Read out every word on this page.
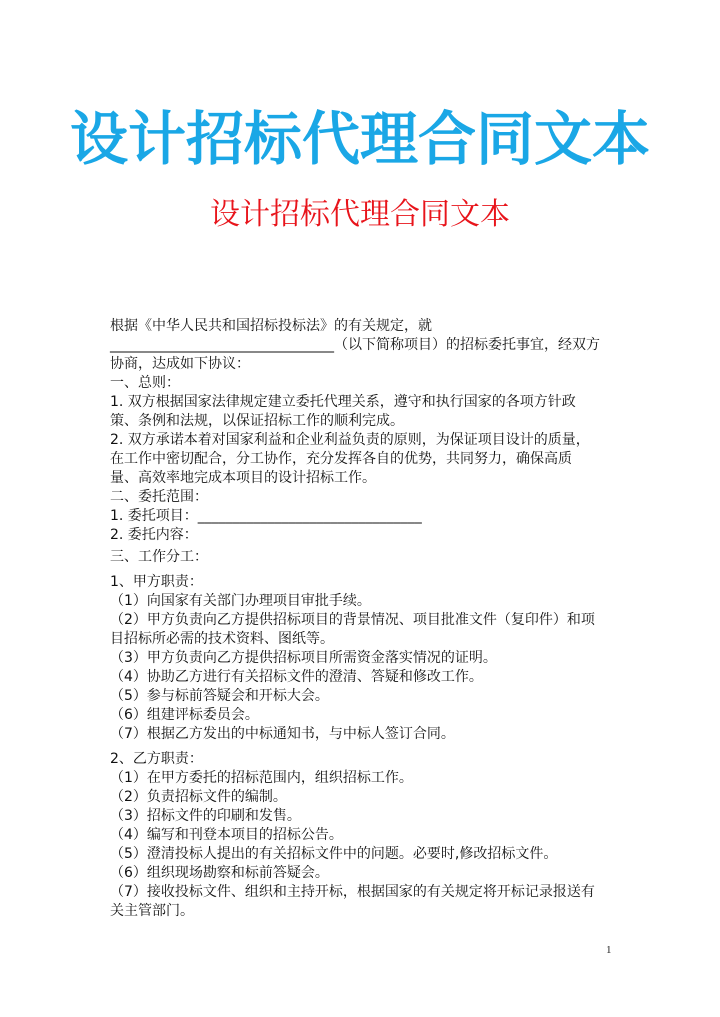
设计招标代理合同文本
设计招标代理合同文本
根据《中华人民共和国招标投标法》的有关规定，就
________________________________（以下简称项目）的招标委托事宜，经双方
协商，达成如下协议：
一、总则：
1. 双方根据国家法律规定建立委托代理关系，遵守和执行国家的各项方针政
策、条例和法规，以保证招标工作的顺利完成。
2. 双方承诺本着对国家利益和企业利益负责的原则，为保证项目设计的质量，
在工作中密切配合，分工协作，充分发挥各自的优势，共同努力，确保高质
量、高效率地完成本项目的设计招标工作。
二、委托范围：
1. 委托项目：________________________________
2. 委托内容：
三、工作分工：
1、甲方职责：
（1）向国家有关部门办理项目审批手续。
（2）甲方负责向乙方提供招标项目的背景情况、项目批准文件（复印件）和项
目招标所必需的技术资料、图纸等。
（3）甲方负责向乙方提供招标项目所需资金落实情况的证明。
（4）协助乙方进行有关招标文件的澄清、答疑和修改工作。
（5）参与标前答疑会和开标大会。
（6）组建评标委员会。
（7）根据乙方发出的中标通知书，与中标人签订合同。
2、乙方职责：
（1）在甲方委托的招标范围内，组织招标工作。
（2）负责招标文件的编制。
（3）招标文件的印刷和发售。
（4）编写和刊登本项目的招标公告。
（5）澄清投标人提出的有关招标文件中的问题。必要时,修改招标文件。
（6）组织现场勘察和标前答疑会。
（7）接收投标文件、组织和主持开标，根据国家的有关规定将开标记录报送有
关主管部门。
1
